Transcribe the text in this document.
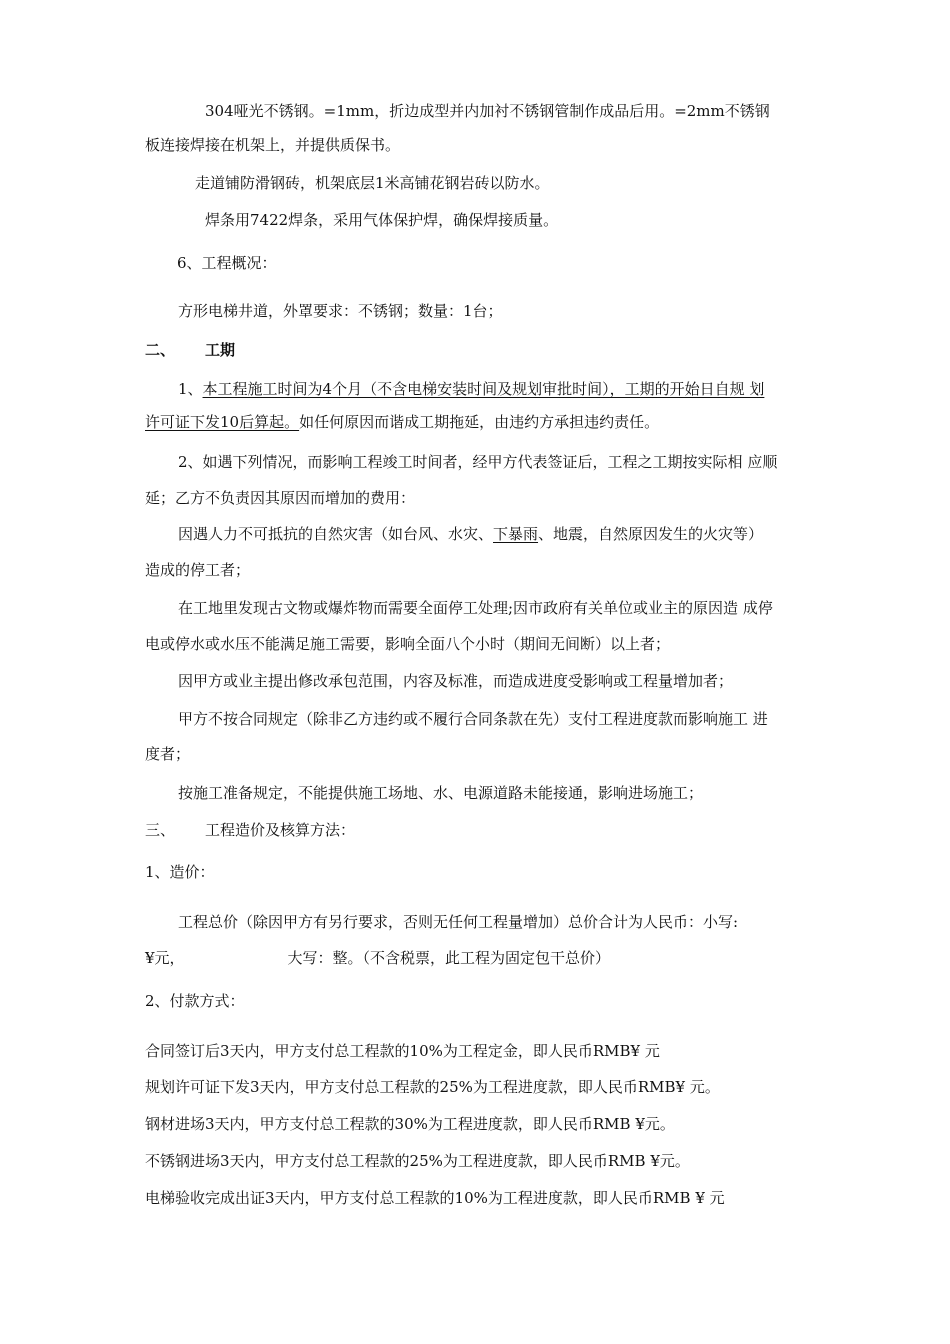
304哑光不锈钢。=1mm，折边成型并内加衬不锈钢管制作成品后用。=2mm不锈钢
板连接焊接在机架上，并提供质保书。
走道铺防滑钢砖，机架底层1米高铺花钢岩砖以防水。
焊条用7422焊条，采用气体保护焊，确保焊接质量。
6、工程概况：
方形电梯井道，外罩要求：不锈钢；数量：1台；
二、 工期
1、本工程施工时间为4个月（不含电梯安装时间及规划审批时间），工期的开始日自规 划
许可证下发10后算起。如任何原因而谐成工期拖延，由违约方承担违约责任。
2、如遇下列情况，而影响工程竣工时间者，经甲方代表签证后，工程之工期按实际相 应顺
延；乙方不负责因其原因而增加的费用：
因遇人力不可抵抗的自然灾害（如台风、水灾、下暴雨、地震，自然原因发生的火灾等）
造成的停工者；
在工地里发现古文物或爆炸物而需要全面停工处理;因市政府有关单位或业主的原因造 成停
电或停水或水压不能满足施工需要，影响全面八个小时（期间无间断）以上者；
因甲方或业主提出修改承包范围，内容及标准，而造成进度受影响或工程量增加者；
甲方不按合同规定（除非乙方违约或不履行合同条款在先）支付工程进度款而影响施工 进
度者；
按施工准备规定，不能提供施工场地、水、电源道路未能接通，影响进场施工；
三、 工程造价及核算方法：
1、造价：
工程总价（除因甲方有另行要求，否则无任何工程量增加）总价合计为人民币：小写:
¥元，	大写：整。（不含税票，此工程为固定包干总价）
2、付款方式：
合同签订后3天内，甲方支付总工程款的10%为工程定金，即人民币RMB¥ 元
规划许可证下发3天内，甲方支付总工程款的25%为工程进度款，即人民币RMB¥ 元。
钢材进场3天内，甲方支付总工程款的30%为工程进度款，即人民币RMB ¥元。
不锈钢进场3天内，甲方支付总工程款的25%为工程进度款，即人民币RMB ¥元。
电梯验收完成出证3天内，甲方支付总工程款的10%为工程进度款，即人民币RMB ¥ 元
